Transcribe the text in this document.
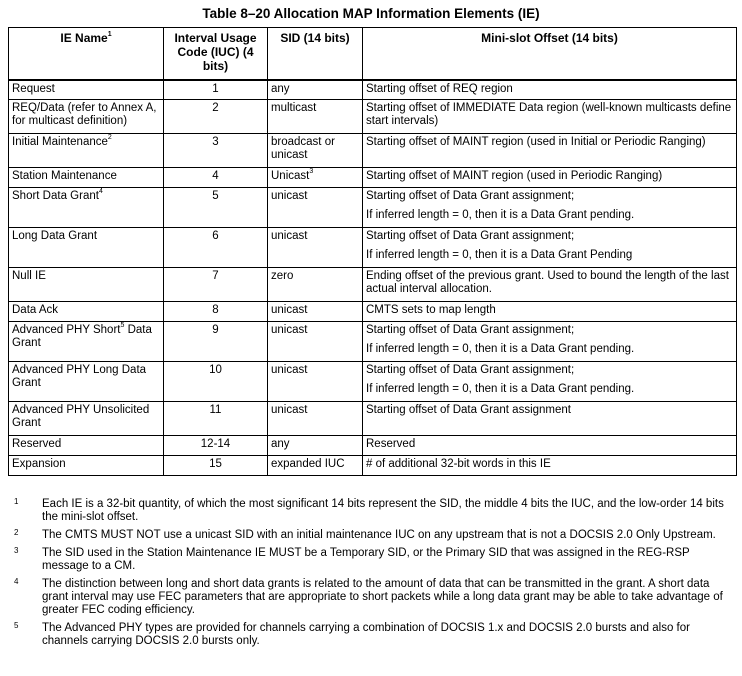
Table 8–20 Allocation MAP Information Elements (IE)
IE Name$^1$	Interval Usage Code (IUC) (4 bits)	SID (14 bits)	Mini-slot Offset (14 bits)
Request	1	any	Starting offset of REQ region
REQ/Data (refer to Annex A, for multicast definition)	2	multicast	Starting offset of IMMEDIATE Data region (well-known multicasts define start intervals)
Initial Maintenance$^2$	3	broadcast or unicast	Starting offset of MAINT region (used in Initial or Periodic Ranging)
Station Maintenance	4	Unicast$^3$	Starting offset of MAINT region (used in Periodic Ranging)
Short Data Grant$^4$	5	unicast	Starting offset of Data Grant assignment;
If inferred length = 0, then it is a Data Grant pending.

Long Data Grant	6	unicast	Starting offset of Data Grant assignment;
If inferred length = 0, then it is a Data Grant Pending

Null IE	7	zero	Ending offset of the previous grant. Used to bound the length of the last actual interval allocation.
Data Ack	8	unicast	CMTS sets to map length
Advanced PHY Short$^5$ Data Grant	9	unicast	Starting offset of Data Grant assignment;
If inferred length = 0, then it is a Data Grant pending.

Advanced PHY Long Data Grant	10	unicast	Starting offset of Data Grant assignment;
If inferred length = 0, then it is a Data Grant pending.

Advanced PHY Unsolicited Grant	11	unicast	Starting offset of Data Grant assignment
Reserved	12-14	any	Reserved
Expansion	15	expanded IUC	# of additional 32-bit words in this IE
1 Each IE is a 32-bit quantity, of which the most significant 14 bits represent the SID, the middle 4 bits the IUC, and the low-order 14 bits the mini-slot offset.
2 The CMTS MUST NOT use a unicast SID with an initial maintenance IUC on any upstream that is not a DOCSIS 2.0 Only Upstream.
3 The SID used in the Station Maintenance IE MUST be a Temporary SID, or the Primary SID that was assigned in the REG-RSP message to a CM.
4 The distinction between long and short data grants is related to the amount of data that can be transmitted in the grant. A short data grant interval may use FEC parameters that are appropriate to short packets while a long data grant may be able to take advantage of greater FEC coding efficiency.
5 The Advanced PHY types are provided for channels carrying a combination of DOCSIS 1.x and DOCSIS 2.0 bursts and also for channels carrying DOCSIS 2.0 bursts only.
